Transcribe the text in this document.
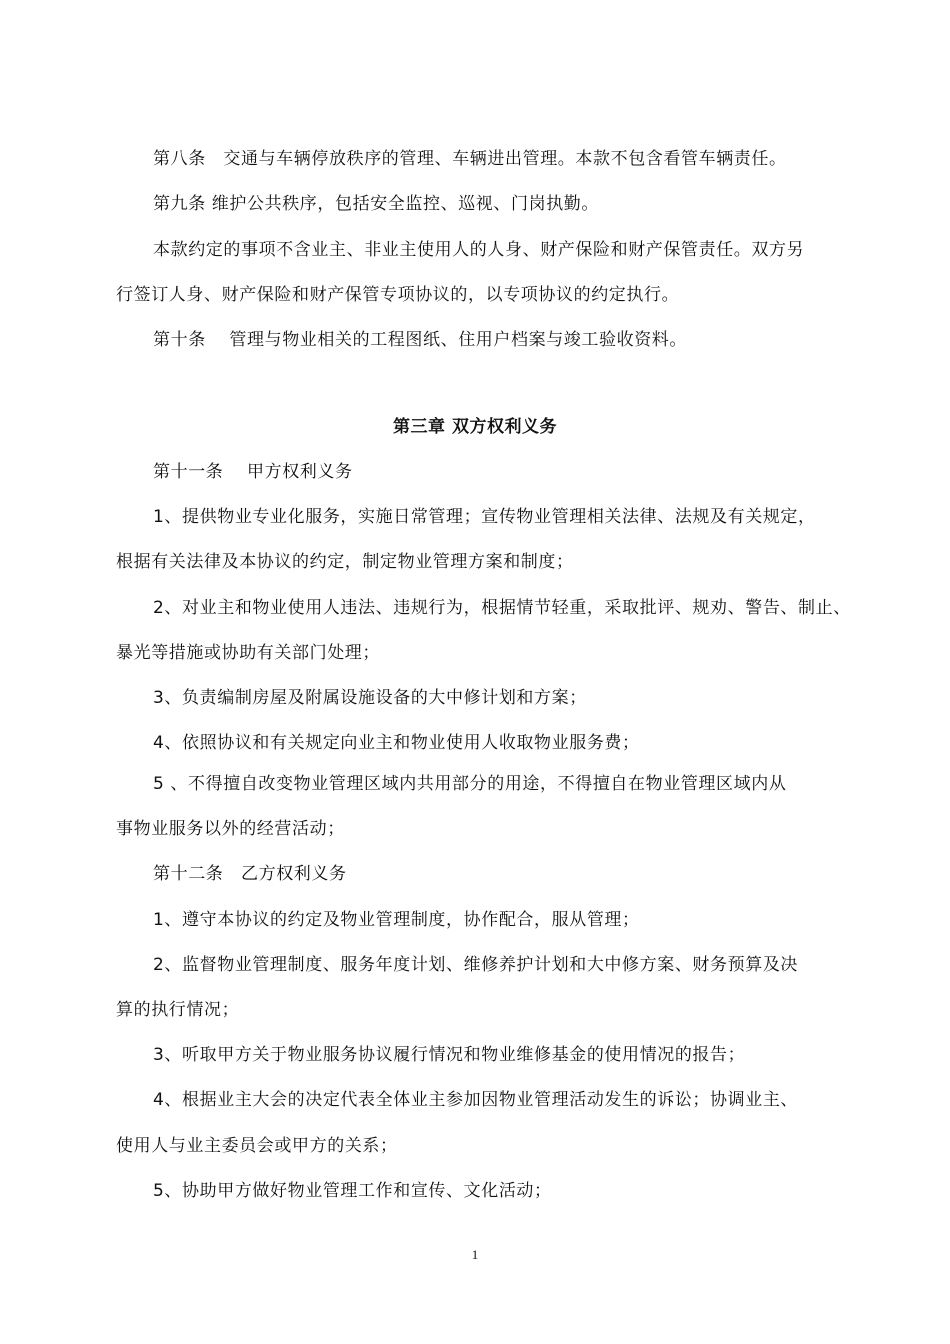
第八条　交通与车辆停放秩序的管理、车辆进出管理。本款不包含看管车辆责任。
第九条 维护公共秩序，包括安全监控、巡视、门岗执勤。
本款约定的事项不含业主、非业主使用人的人身、财产保险和财产保管责任。双方另
行签订人身、财产保险和财产保管专项协议的，以专项协议的约定执行。
第十条　 管理与物业相关的工程图纸、住用户档案与竣工验收资料。
第三章 双方权利义务
第十一条　 甲方权利义务
1、提供物业专业化服务，实施日常管理；宣传物业管理相关法律、法规及有关规定，
根据有关法律及本协议的约定，制定物业管理方案和制度；
2、对业主和物业使用人违法、违规行为，根据情节轻重，采取批评、规劝、警告、制止、
暴光等措施或协助有关部门处理；
3、负责编制房屋及附属设施设备的大中修计划和方案；
4、依照协议和有关规定向业主和物业使用人收取物业服务费；
5 、不得擅自改变物业管理区域内共用部分的用途，不得擅自在物业管理区域内从
事物业服务以外的经营活动；
第十二条　乙方权利义务
1、遵守本协议的约定及物业管理制度，协作配合，服从管理；
2、监督物业管理制度、服务年度计划、维修养护计划和大中修方案、财务预算及决
算的执行情况；
3、听取甲方关于物业服务协议履行情况和物业维修基金的使用情况的报告；
4、根据业主大会的决定代表全体业主参加因物业管理活动发生的诉讼；协调业主、
使用人与业主委员会或甲方的关系；
5、协助甲方做好物业管理工作和宣传、文化活动；
1
